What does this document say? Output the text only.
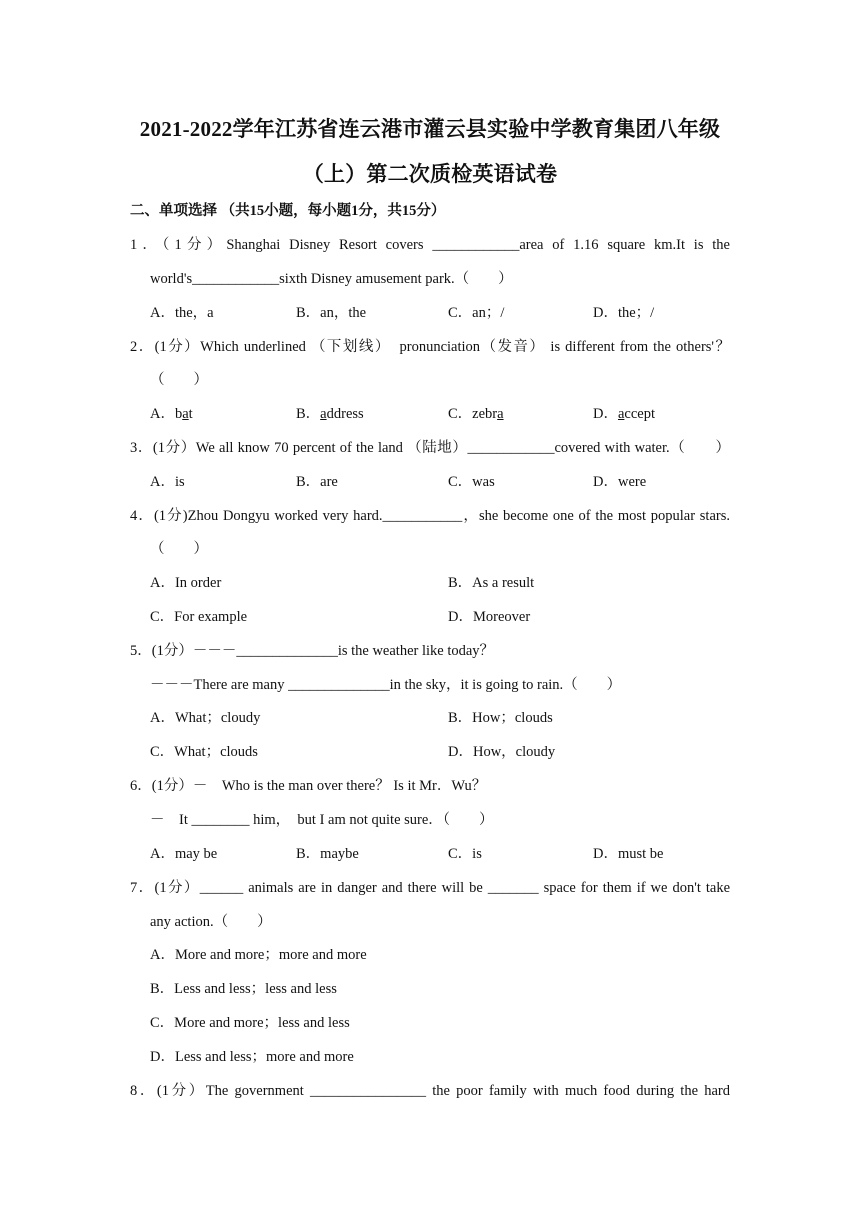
2021-2022学年江苏省连云港市灌云县实验中学教育集团八年级
（上）第二次质检英语试卷
二、单项选择 （共15小题，每小题1分，共15分）
1．（1分）Shanghai Disney Resort covers ____________area of 1.16 square km.It is the
world's____________sixth Disney amusement park.（　　）
A．the，a	B．an，the	C．an；/	D．the；/
2．(1分）Which underlined （下划线）　pronunciation（发音） is different from the others'？
（　　）
A．bat	B．address	C．zebra	D．accept
3．(1分）We all know 70 percent of the land （陆地）____________covered with water.（　　）
A．is	B．are	C．was	D．were
4．(1分)Zhou Dongyu worked very hard.___________，she become one of the most popular stars.
（　　）
A．In order	B．As a result
C．For example	D．Moreover
5．(1分）－－－______________is the weather like today？
－－－There are many ______________in the sky，it is going to rain.（　　）
A．What；cloudy	B．How；clouds
C．What；clouds	D．How，cloudy
6．(1分）－　Who is the man over there？ Is it Mr．Wu？
－　It ________ him，　but I am not quite sure．（　　）
A．may be	B．maybe	C．is	D．must be
7．(1分）______ animals are in danger and there will be _______ space for them if we don't take
any action.（　　）
A．More and more；more and more
B．Less and less；less and less
C．More and more；less and less
D．Less and less；more and more
8．(1分）The government ________________ the poor family with much food during the hard
